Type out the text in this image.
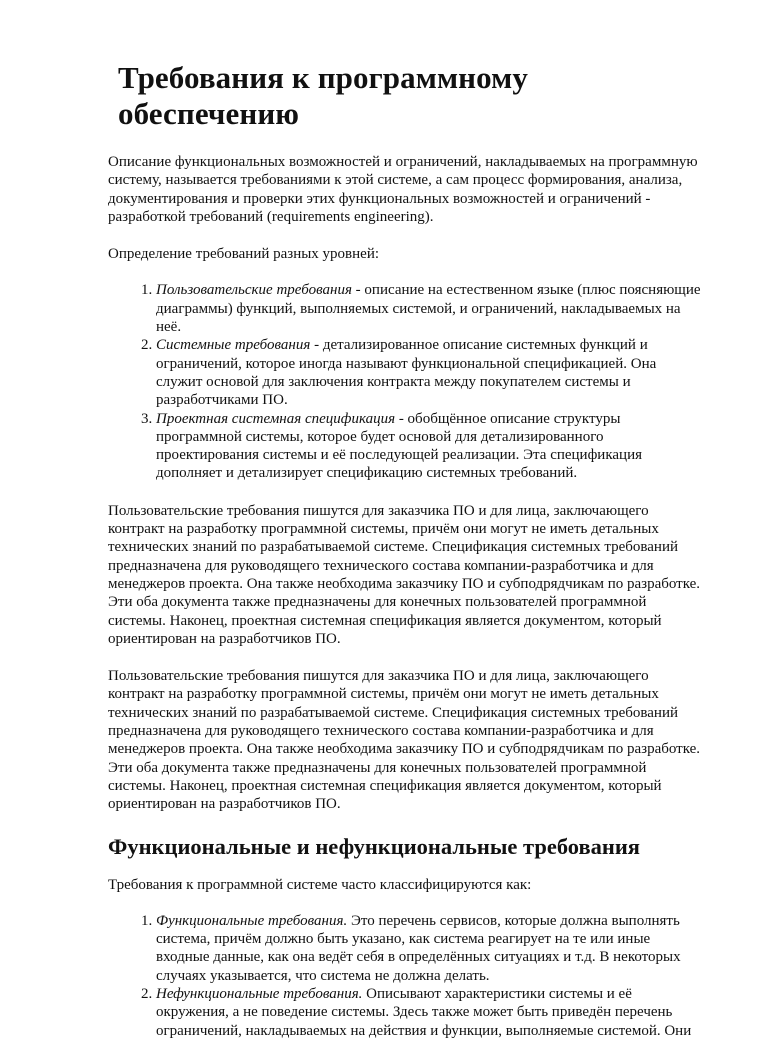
Требования к программному обеспечению

Описание функциональных возможностей и ограничений, накладываемых на программную систему, называется требованиями к этой системе, а сам процесс формирования, анализа, документирования и проверки этих функциональных возможностей и ограничений - разработкой требований (requirements engineering).

Определение требований разных уровней:

1. Пользовательские требования - описание на естественном языке (плюс поясняющие диаграммы) функций, выполняемых системой, и ограничений, накладываемых на неё.
2. Системные требования - детализированное описание системных функций и ограничений, которое иногда называют функциональной спецификацией. Она служит основой для заключения контракта между покупателем системы и разработчиками ПО.
3. Проектная системная спецификация - обобщённое описание структуры программной системы, которое будет основой для детализированного проектирования системы и её последующей реализации. Эта спецификация дополняет и детализирует спецификацию системных требований.

Пользовательские требования пишутся для заказчика ПО и для лица, заключающего контракт на разработку программной системы, причём они могут не иметь детальных технических знаний по разрабатываемой системе. Спецификация системных требований предназначена для руководящего технического состава компании-разработчика и для менеджеров проекта. Она также необходима заказчику ПО и субподрядчикам по разработке. Эти оба документа также предназначены для конечных пользователей программной системы. Наконец, проектная системная спецификация является документом, который ориентирован на разработчиков ПО.

Пользовательские требования пишутся для заказчика ПО и для лица, заключающего контракт на разработку программной системы, причём они могут не иметь детальных технических знаний по разрабатываемой системе. Спецификация системных требований предназначена для руководящего технического состава компании-разработчика и для менеджеров проекта. Она также необходима заказчику ПО и субподрядчикам по разработке. Эти оба документа также предназначены для конечных пользователей программной системы. Наконец, проектная системная спецификация является документом, который ориентирован на разработчиков ПО.

Функциональные и нефункциональные требования

Требования к программной системе часто классифицируются как:

1. Функциональные требования. Это перечень сервисов, которые должна выполнять система, причём должно быть указано, как система реагирует на те или иные входные данные, как она ведёт себя в определённых ситуациях и т.д. В некоторых случаях указывается, что система не должна делать.
2. Нефункциональные требования. Описывают характеристики системы и её окружения, а не поведение системы. Здесь также может быть приведён перечень ограничений, накладываемых на действия и функции, выполняемые системой. Они
